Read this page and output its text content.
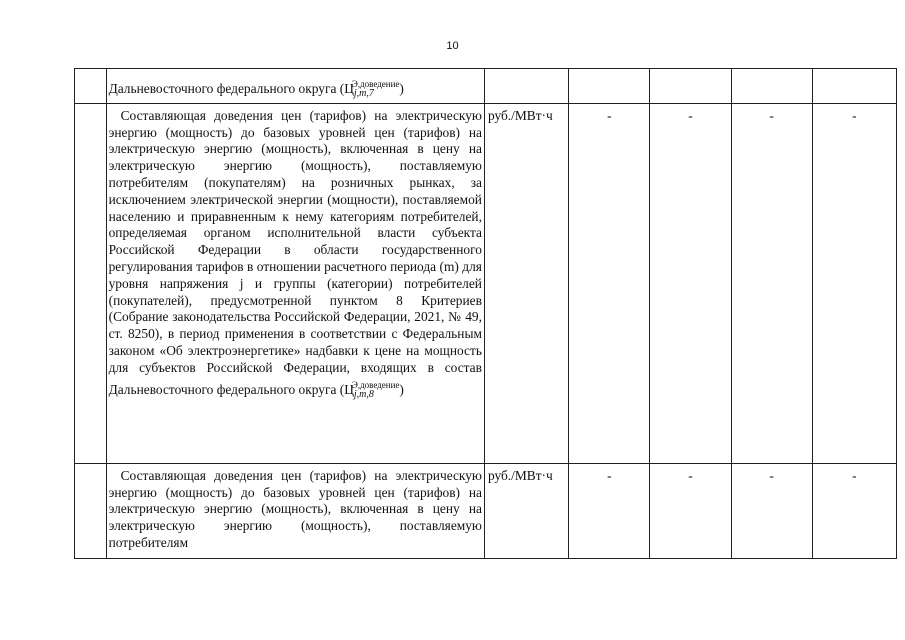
10

	Дальневосточного федерального округа $(Ц_{j,m,7}^{Э,доведение})$					

	Составляющая доведения цен (тарифов) на электрическую энергию (мощность) до базовых уровней цен (тарифов) на электрическую энергию (мощность), включенная в цену на электрическую энергию (мощность), поставляемую потребителям (покупателям) на розничных рынках, за исключением электрической энергии (мощности), поставляемой населению и приравненным к нему категориям потребителей, определяемая органом исполнительной власти субъекта Российской Федерации в области государственного регулирования тарифов в отношении расчетного периода (m) для уровня напряжения j и группы (категории) потребителей (покупателей), предусмотренной пунктом 8 Критериев (Собрание законодательства Российской Федерации, 2021, № 49, ст. 8250), в период применения в соответствии с Федеральным законом «Об электроэнергетике» надбавки к цене на мощность для субъектов Российской Федерации, входящих в состав Дальневосточного федерального округа $(Ц_{j,m,8}^{Э,доведение})$	руб./МВт·ч	-	-	-	-

	Составляющая доведения цен (тарифов) на электрическую энергию (мощность) до базовых уровней цен (тарифов) на электрическую энергию (мощность), включенная в цену на электрическую энергию (мощность), поставляемую потребителям	руб./МВт·ч	-	-	-	-
